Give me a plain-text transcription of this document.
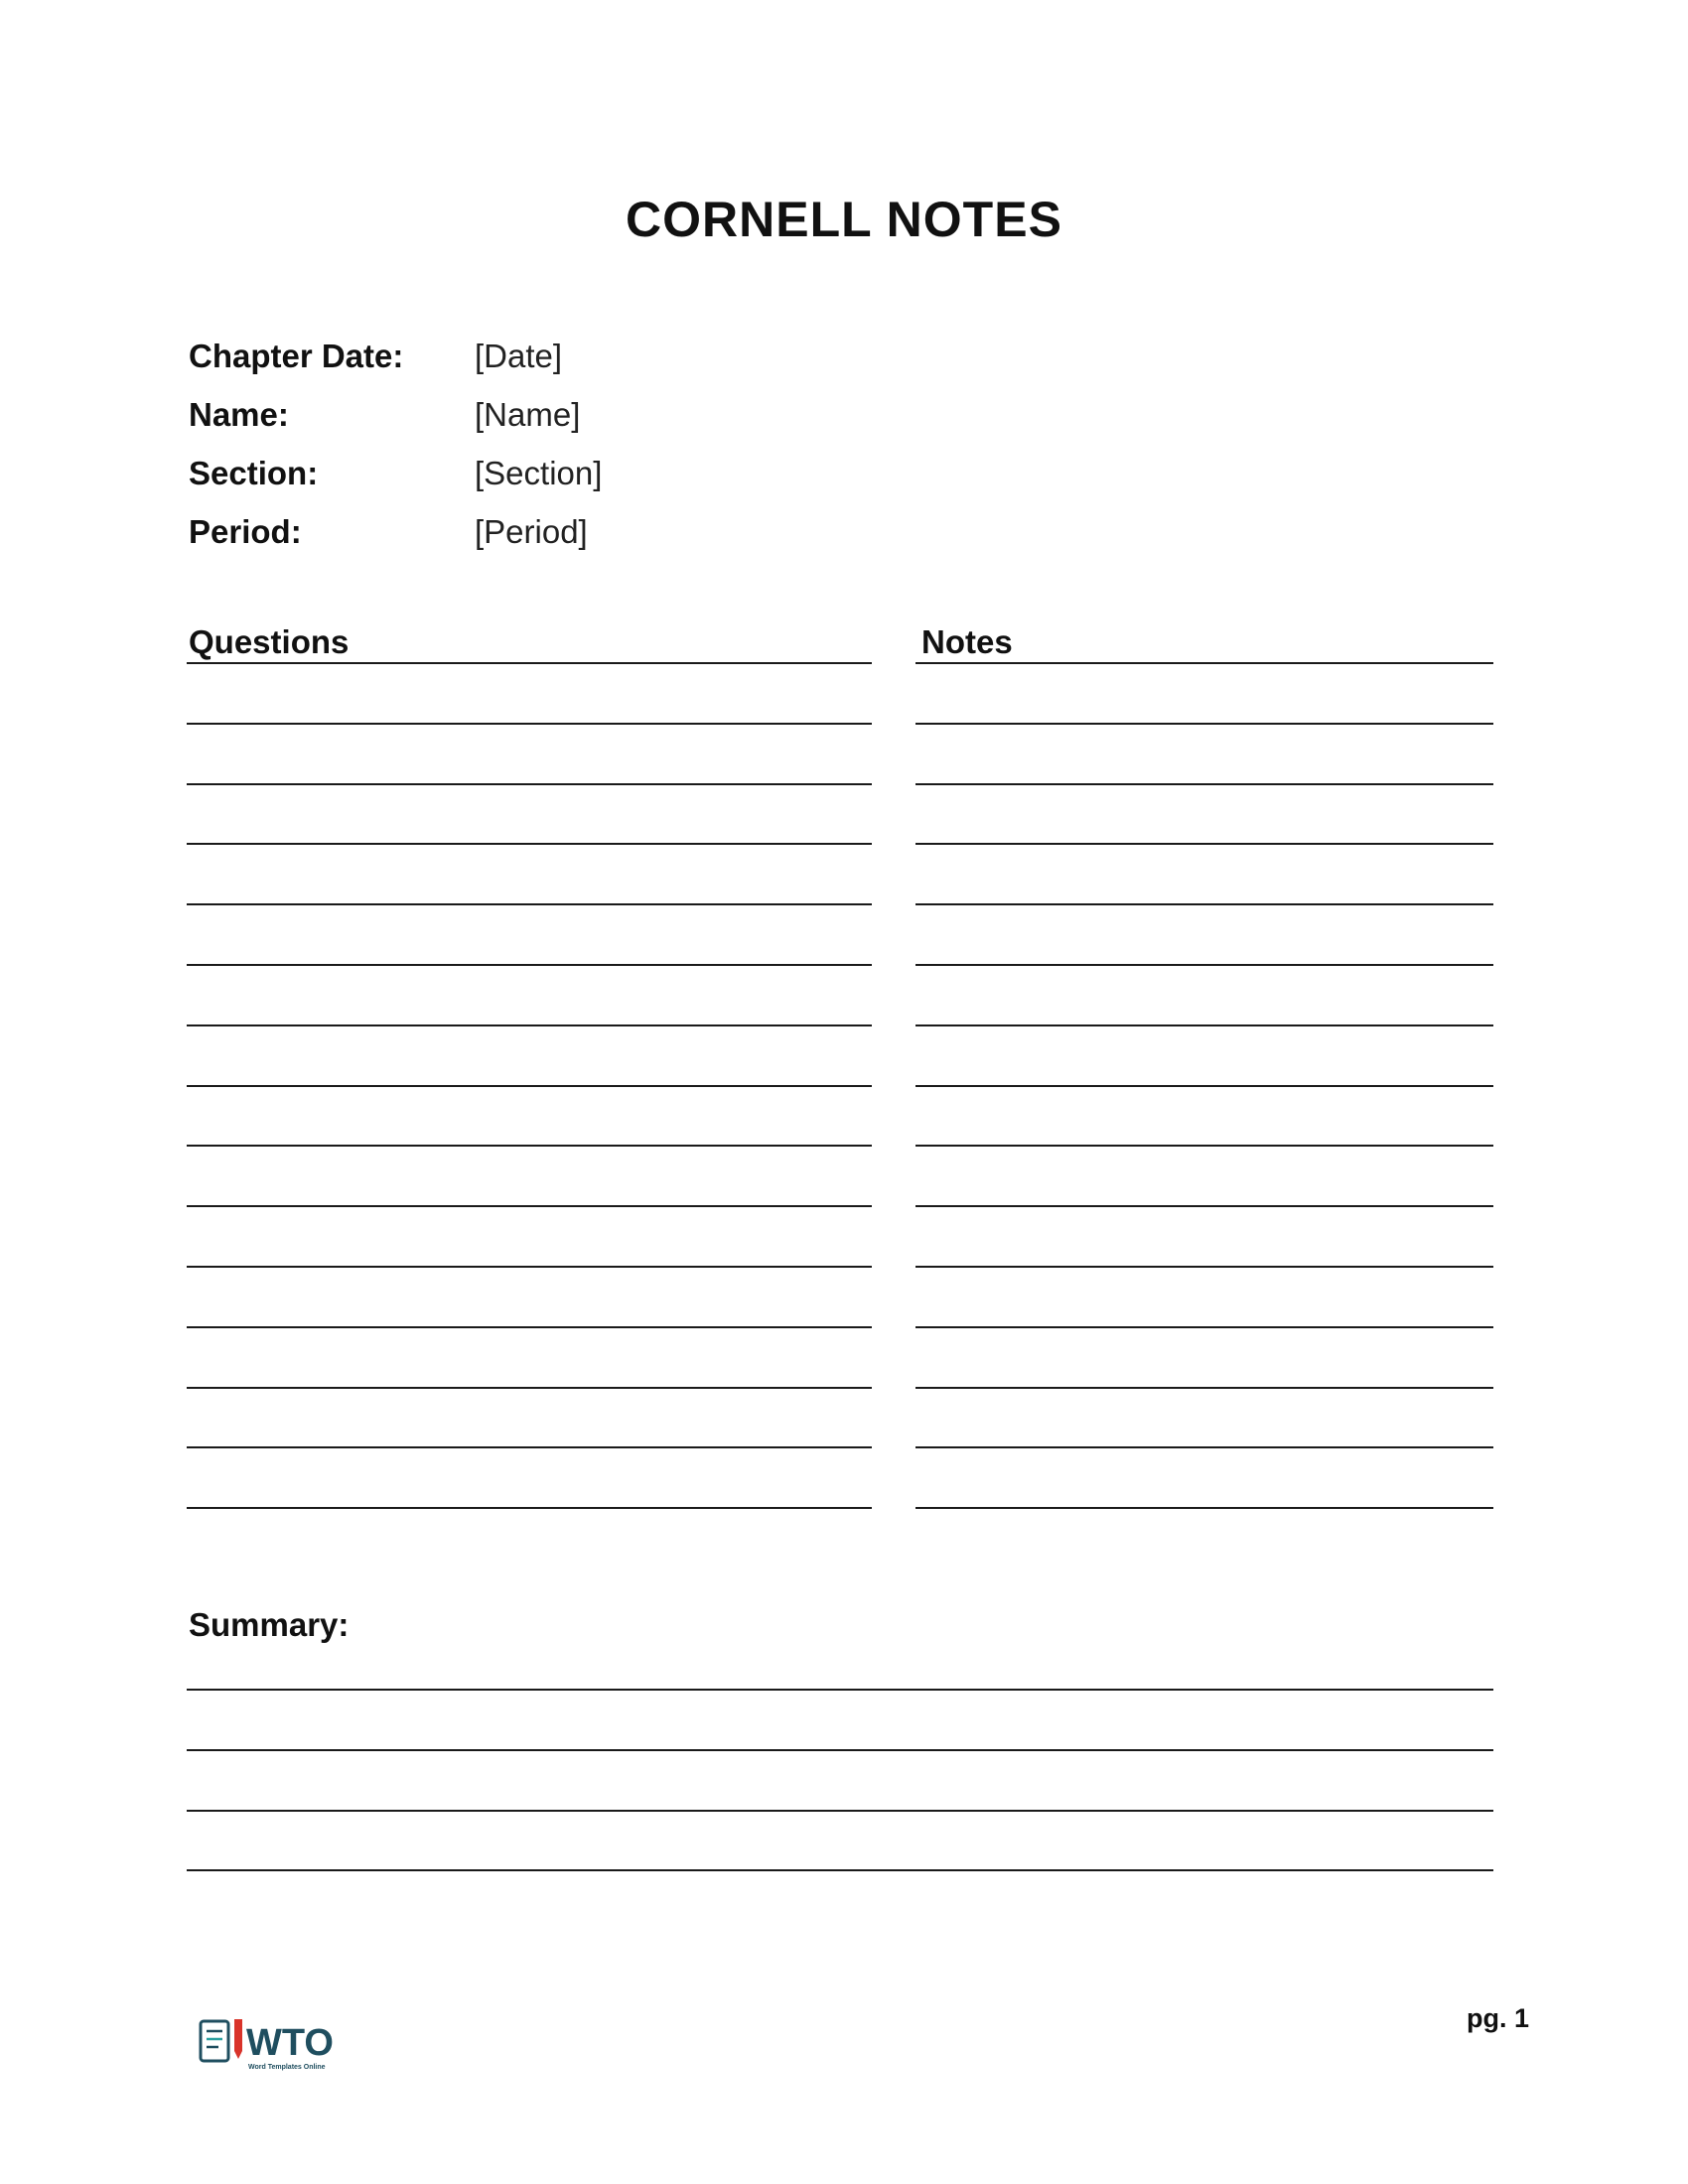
CORNELL NOTES
Chapter Date:	[Date]
Name:	[Name]
Section:	[Section]
Period:	[Period]
Questions	Notes
Summary:
WTO
Word Templates Online
pg. 1
